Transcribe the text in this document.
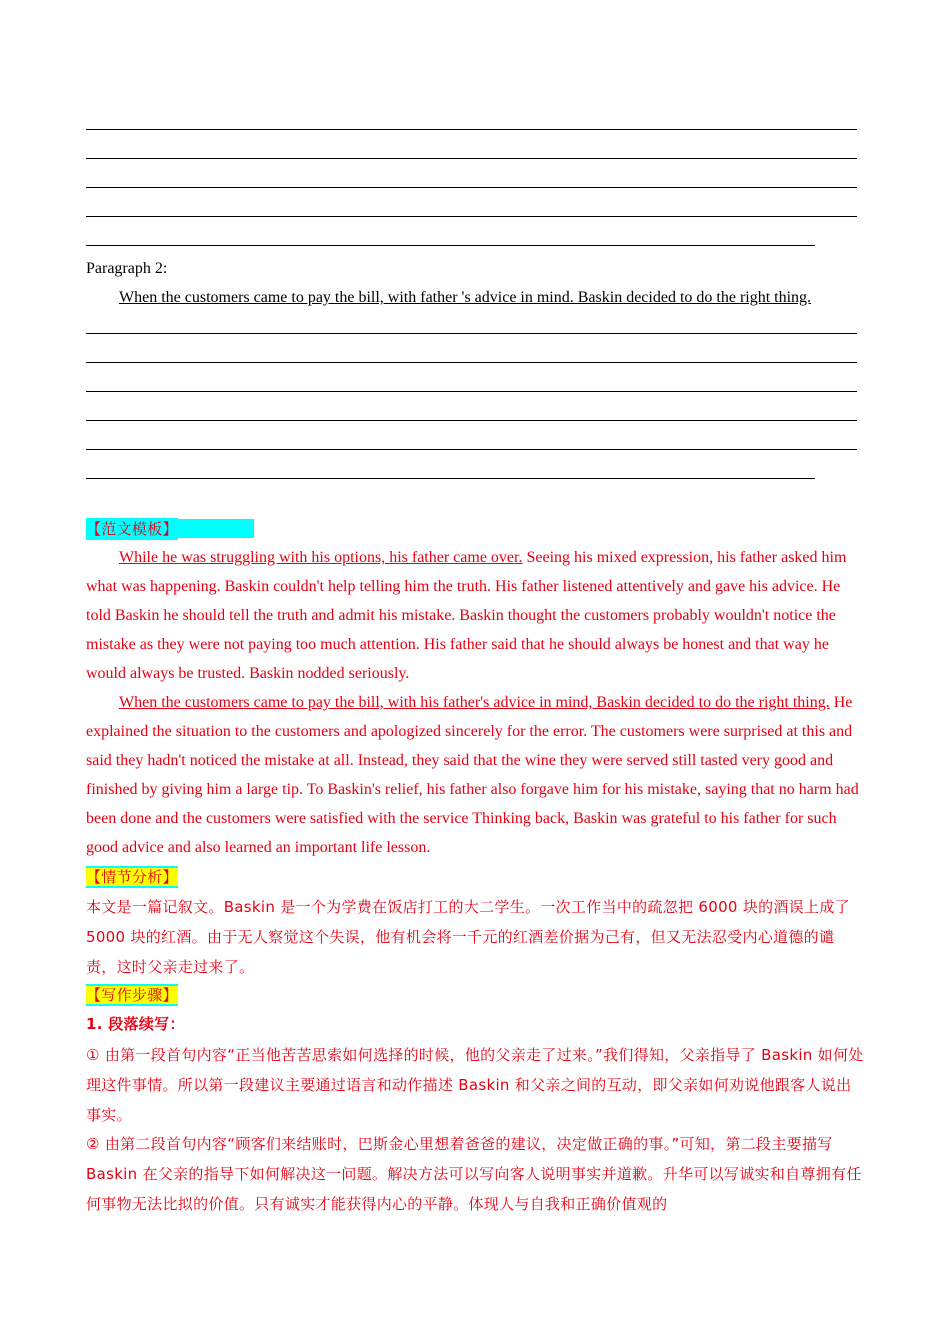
Paragraph 2:
When the customers came to pay the bill, with father 's advice in mind. Baskin decided to do the right thing.
【范文模板】

While he was struggling with his options, his father came over. Seeing his mixed expression, his father asked him what was happening. Baskin couldn't help telling him the truth. His father listened attentively and gave his advice. He told Baskin he should tell the truth and admit his mistake. Baskin thought the customers probably wouldn't notice the mistake as they were not paying too much attention. His father said that he should always be honest and that way he would always be trusted. Baskin nodded seriously.

When the customers came to pay the bill, with his father's advice in mind, Baskin decided to do the right thing. He explained the situation to the customers and apologized sincerely for the error. The customers were surprised at this and said they hadn't noticed the mistake at all. Instead, they said that the wine they were served still tasted very good and finished by giving him a large tip. To Baskin's relief, his father also forgave him for his mistake, saying that no harm had been done and the customers were satisfied with the service Thinking back, Baskin was grateful to his father for such good advice and also learned an important life lesson.

【情节分析】
本文是一篇记叙文。Baskin 是一个为学费在饭店打工的大二学生。一次工作当中的疏忽把 6000 块的酒误上成了 5000 块的红酒。由于无人察觉这个失误，他有机会将一千元的红酒差价据为己有，但又无法忍受内心道德的谴责，这时父亲走过来了。
【写作步骤】
1. 段落续写：
① 由第一段首句内容“正当他苦苦思索如何选择的时候，他的父亲走了过来。”我们得知，父亲指导了 Baskin 如何处理这件事情。所以第一段建议主要通过语言和动作描述 Baskin 和父亲之间的互动，即父亲如何劝说他跟客人说出事实。
② 由第二段首句内容“顾客们来结账时，巴斯金心里想着爸爸的建议，决定做正确的事。”可知，第二段主要描写 Baskin 在父亲的指导下如何解决这一问题。解决方法可以写向客人说明事实并道歉。升华可以写诚实和自尊拥有任何事物无法比拟的价值。只有诚实才能获得内心的平静。体现人与自我和正确价值观的
